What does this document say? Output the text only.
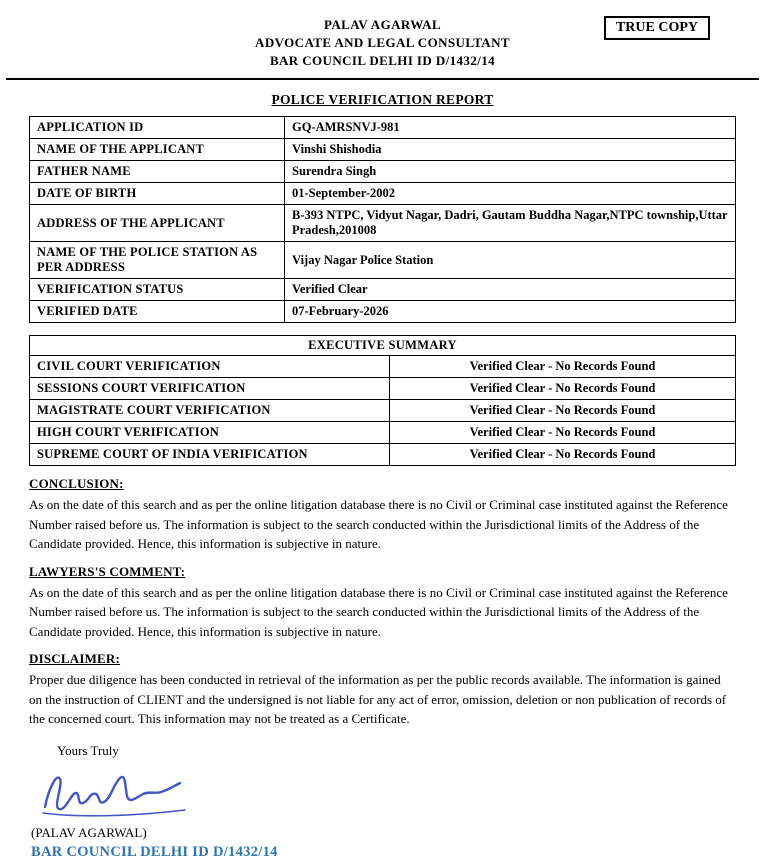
PALAV AGARWAL
ADVOCATE AND LEGAL CONSULTANT
BAR COUNCIL DELHI ID D/1432/14
TRUE COPY
POLICE VERIFICATION REPORT
APPLICATION ID	GQ-AMRSNVJ-981
NAME OF THE APPLICANT	Vinshi Shishodia
FATHER NAME	Surendra Singh
DATE OF BIRTH	01-September-2002
ADDRESS OF THE APPLICANT	B-393 NTPC, Vidyut Nagar, Dadri, Gautam Buddha Nagar,NTPC township,Uttar Pradesh,201008
NAME OF THE POLICE STATION AS PER ADDRESS	Vijay Nagar Police Station
VERIFICATION STATUS	Verified Clear
VERIFIED DATE	07-February-2026
EXECUTIVE SUMMARY	
CIVIL COURT VERIFICATION	Verified Clear - No Records Found
SESSIONS COURT VERIFICATION	Verified Clear - No Records Found
MAGISTRATE COURT VERIFICATION	Verified Clear - No Records Found
HIGH COURT VERIFICATION	Verified Clear - No Records Found
SUPREME COURT OF INDIA VERIFICATION	Verified Clear - No Records Found
CONCLUSION:
As on the date of this search and as per the online litigation database there is no Civil or Criminal case instituted against the Reference Number raised before us. The information is subject to the search conducted within the Jurisdictional limits of the Address of the Candidate provided. Hence, this information is subjective in nature.
LAWYERS'S COMMENT:
As on the date of this search and as per the online litigation database there is no Civil or Criminal case instituted against the Reference Number raised before us. The information is subject to the search conducted within the Jurisdictional limits of the Address of the Candidate provided. Hence, this information is subjective in nature.
DISCLAIMER:
Proper due diligence has been conducted in retrieval of the information as per the public records available. The information is gained on the instruction of CLIENT and the undersigned is not liable for any act of error, omission, deletion or non publication of records of the concerned court. This information may not be treated as a Certificate.
Yours Truly
(PALAV AGARWAL)
BAR COUNCIL DELHI ID D/1432/14
